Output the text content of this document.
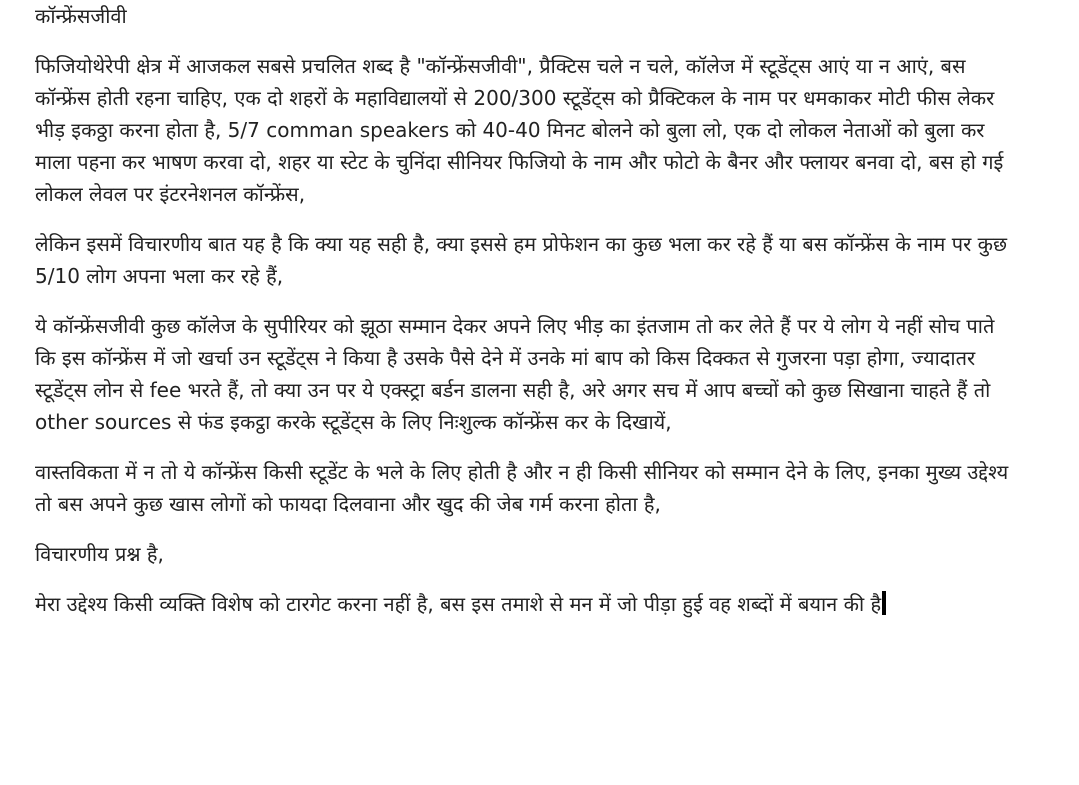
कॉन्फ्रेंसजीवी
फिजियोथेरेपी क्षेत्र में आजकल सबसे प्रचलित शब्द है "कॉन्फ्रेंसजीवी", प्रैक्टिस चले न चले, कॉलेज में स्टूडेंट्स आएं या न आएं, बस कॉन्फ्रेंस होती रहना चाहिए, एक दो शहरों के महाविद्यालयों से 200/300 स्टूडेंट्स को प्रैक्टिकल के नाम पर धमकाकर मोटी फीस लेकर भीड़ इकठ्ठा करना होता है, 5/7 comman speakers को 40-40 मिनट बोलने को बुला लो, एक दो लोकल नेताओं को बुला कर माला पहना कर भाषण करवा दो, शहर या स्टेट के चुनिंदा सीनियर फिजियो के नाम और फोटो के बैनर और फ्लायर बनवा दो, बस हो गई लोकल लेवल पर इंटरनेशनल कॉन्फ्रेंस,
लेकिन इसमें विचारणीय बात यह है कि क्या यह सही है, क्या इससे हम प्रोफेशन का कुछ भला कर रहे हैं या बस कॉन्फ्रेंस के नाम पर कुछ 5/10 लोग अपना भला कर रहे हैं,
ये कॉन्फ्रेंसजीवी कुछ कॉलेज के सुपीरियर को झूठा सम्मान देकर अपने लिए भीड़ का इंतजाम तो कर लेते हैं पर ये लोग ये नहीं सोच पाते कि इस कॉन्फ्रेंस में जो खर्चा उन स्टूडेंट्स ने किया है उसके पैसे देने में उनके मां बाप को किस दिक्कत से गुजरना पड़ा होगा, ज्यादातर स्टूडेंट्स लोन से fee भरते हैं, तो क्या उन पर ये एक्स्ट्रा बर्डन डालना सही है, अरे अगर सच में आप बच्चों को कुछ सिखाना चाहते हैं तो other sources से फंड इकट्ठा करके स्टूडेंट्स के लिए निःशुल्क कॉन्फ्रेंस कर के दिखायें,
वास्तविकता में न तो ये कॉन्फ्रेंस किसी स्टूडेंट के भले के लिए होती है और न ही किसी सीनियर को सम्मान देने के लिए, इनका मुख्य उद्देश्य तो बस अपने कुछ खास लोगों को फायदा दिलवाना और खुद की जेब गर्म करना होता है,
विचारणीय प्रश्न है,
मेरा उद्देश्य किसी व्यक्ति विशेष को टारगेट करना नहीं है, बस इस तमाशे से मन में जो पीड़ा हुई वह शब्दों में बयान की है
